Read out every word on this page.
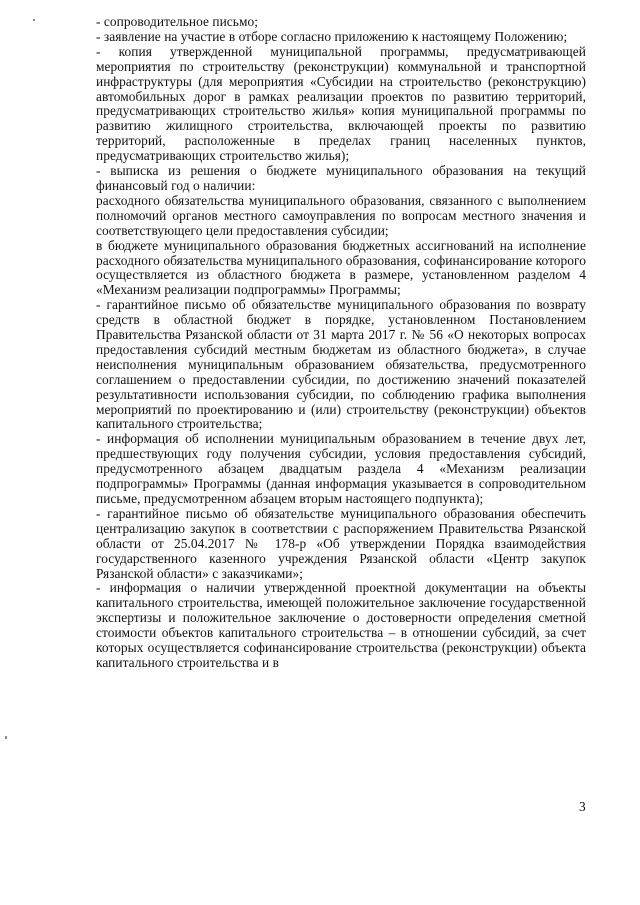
- сопроводительное письмо;

- заявление на участие в отборе согласно приложению к настоящему Положению;

- копия утвержденной муниципальной программы, предусматривающей мероприятия по строительству (реконструкции) коммунальной и транспортной инфраструктуры (для мероприятия «Субсидии на строительство (реконструкцию) автомобильных дорог в рамках реализации проектов по развитию территорий, предусматривающих строительство жилья» копия муниципальной программы по развитию жилищного строительства, включающей проекты по развитию территорий, расположенные в пределах границ населенных пунктов, предусматривающих строительство жилья);

- выписка из решения о бюджете муниципального образования на текущий финансовый год о наличии:

расходного обязательства муниципального образования, связанного с выполнением полномочий органов местного самоуправления по вопросам местного значения и соответствующего цели предоставления субсидии;

в бюджете муниципального образования бюджетных ассигнований на исполнение расходного обязательства муниципального образования, софинансирование которого осуществляется из областного бюджета в размере, установленном разделом 4 «Механизм реализации подпрограммы» Программы;

- гарантийное письмо об обязательстве муниципального образования по возврату средств в областной бюджет в порядке, установленном Постановлением Правительства Рязанской области от 31 марта 2017 г. № 56 «О некоторых вопросах предоставления субсидий местным бюджетам из областного бюджета», в случае неисполнения муниципальным образованием обязательства, предусмотренного соглашением о предоставлении субсидии, по достижению значений показателей результативности использования субсидии, по соблюдению графика выполнения мероприятий по проектированию и (или) строительству (реконструкции) объектов капитального строительства;

- информация об исполнении муниципальным образованием в течение двух лет, предшествующих году получения субсидии, условия предоставления субсидий, предусмотренного абзацем двадцатым раздела 4 «Механизм реализации подпрограммы» Программы (данная информация указывается в сопроводительном письме, предусмотренном абзацем вторым настоящего подпункта);

- гарантийное письмо об обязательстве муниципального образования обеспечить централизацию закупок в соответствии с распоряжением Правительства Рязанской области от 25.04.2017 № 178-р «Об утверждении Порядка взаимодействия государственного казенного учреждения Рязанской области «Центр закупок Рязанской области» с заказчиками»;

- информация о наличии утвержденной проектной документации на объекты капитального строительства, имеющей положительное заключение государственной экспертизы и положительное заключение о достоверности определения сметной стоимости объектов капитального строительства – в отношении субсидий, за счет которых осуществляется софинансирование строительства (реконструкции) объекта капитального строительства и в

3
